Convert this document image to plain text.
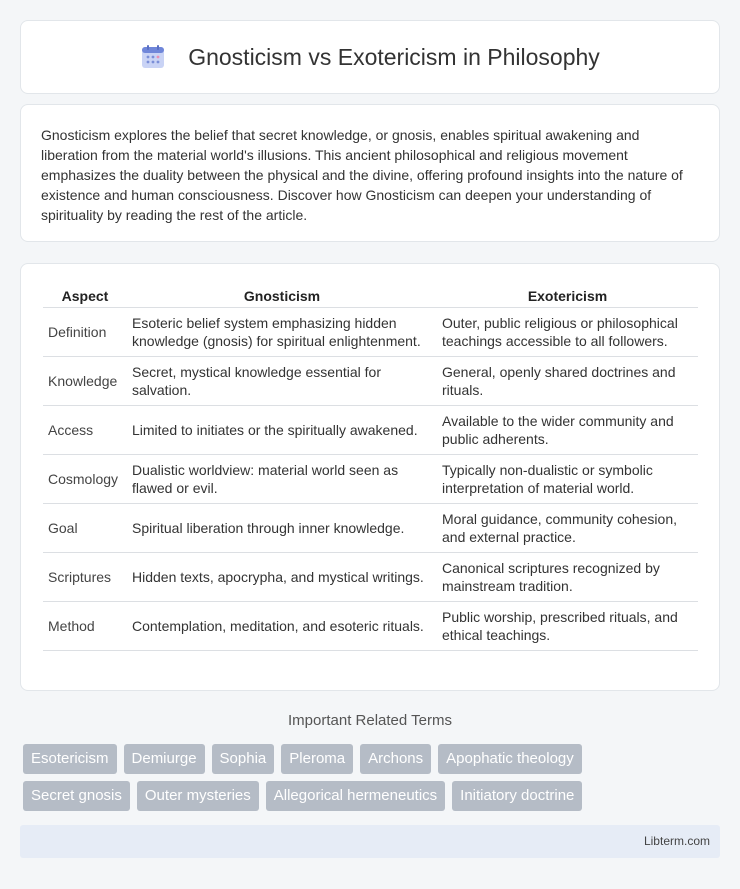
Gnosticism vs Exotericism in Philosophy

Gnosticism explores the belief that secret knowledge, or gnosis, enables spiritual awakening and liberation from the material world's illusions. This ancient philosophical and religious movement emphasizes the duality between the physical and the divine, offering profound insights into the nature of existence and human consciousness. Discover how Gnosticism can deepen your understanding of spirituality by reading the rest of the article.

Aspect	Gnosticism	Exotericism
Definition	Esoteric belief system emphasizing hidden knowledge (gnosis) for spiritual enlightenment.	Outer, public religious or philosophical teachings accessible to all followers.
Knowledge	Secret, mystical knowledge essential for salvation.	General, openly shared doctrines and rituals.
Access	Limited to initiates or the spiritually awakened.	Available to the wider community and public adherents.
Cosmology	Dualistic worldview: material world seen as flawed or evil.	Typically non-dualistic or symbolic interpretation of material world.
Goal	Spiritual liberation through inner knowledge.	Moral guidance, community cohesion, and external practice.
Scriptures	Hidden texts, apocrypha, and mystical writings.	Canonical scriptures recognized by mainstream tradition.
Method	Contemplation, meditation, and esoteric rituals.	Public worship, prescribed rituals, and ethical teachings.
Important Related Terms
Esotericism	Demiurge	Sophia	Pleroma	Archons	Apophatic theology
Secret gnosis	Outer mysteries	Allegorical hermeneutics	Initiatory doctrine
Libterm.com
